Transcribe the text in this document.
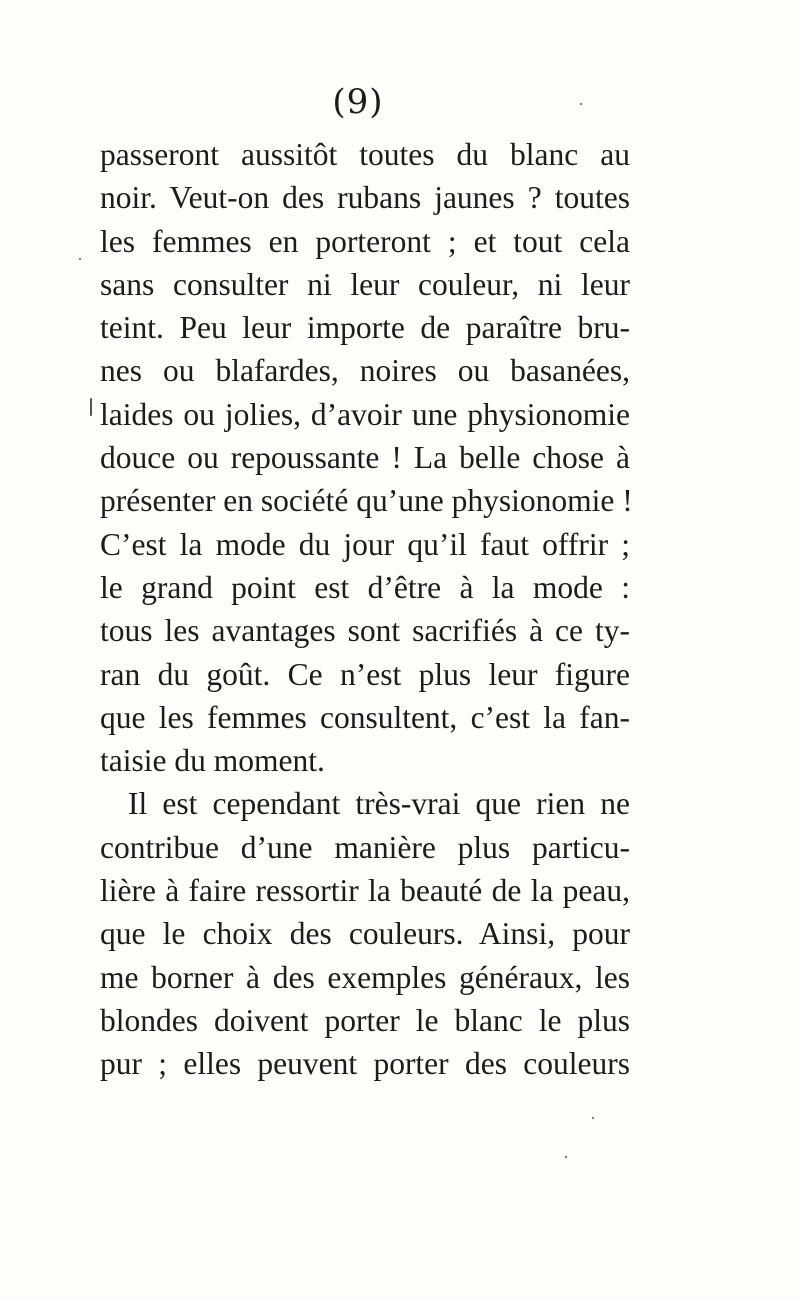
(9)
passeront aussitôt toutes du blanc au
noir. Veut-on des rubans jaunes ? toutes
les femmes en porteront ; et tout cela
sans consulter ni leur couleur, ni leur
teint. Peu leur importe de paraître bru-
nes ou blafardes, noires ou basanées,
laides ou jolies, d’avoir une physionomie
douce ou repoussante ! La belle chose à
présenter en société qu’une physionomie !
C’est la mode du jour qu’il faut offrir ;
le grand point est d’être à la mode :
tous les avantages sont sacrifiés à ce ty-
ran du goût. Ce n’est plus leur figure
que les femmes consultent, c’est la fan-
taisie du moment.
Il est cependant très-vrai que rien ne
contribue d’une manière plus particu-
lière à faire ressortir la beauté de la peau,
que le choix des couleurs. Ainsi, pour
me borner à des exemples généraux, les
blondes doivent porter le blanc le plus
pur ; elles peuvent porter des couleurs
